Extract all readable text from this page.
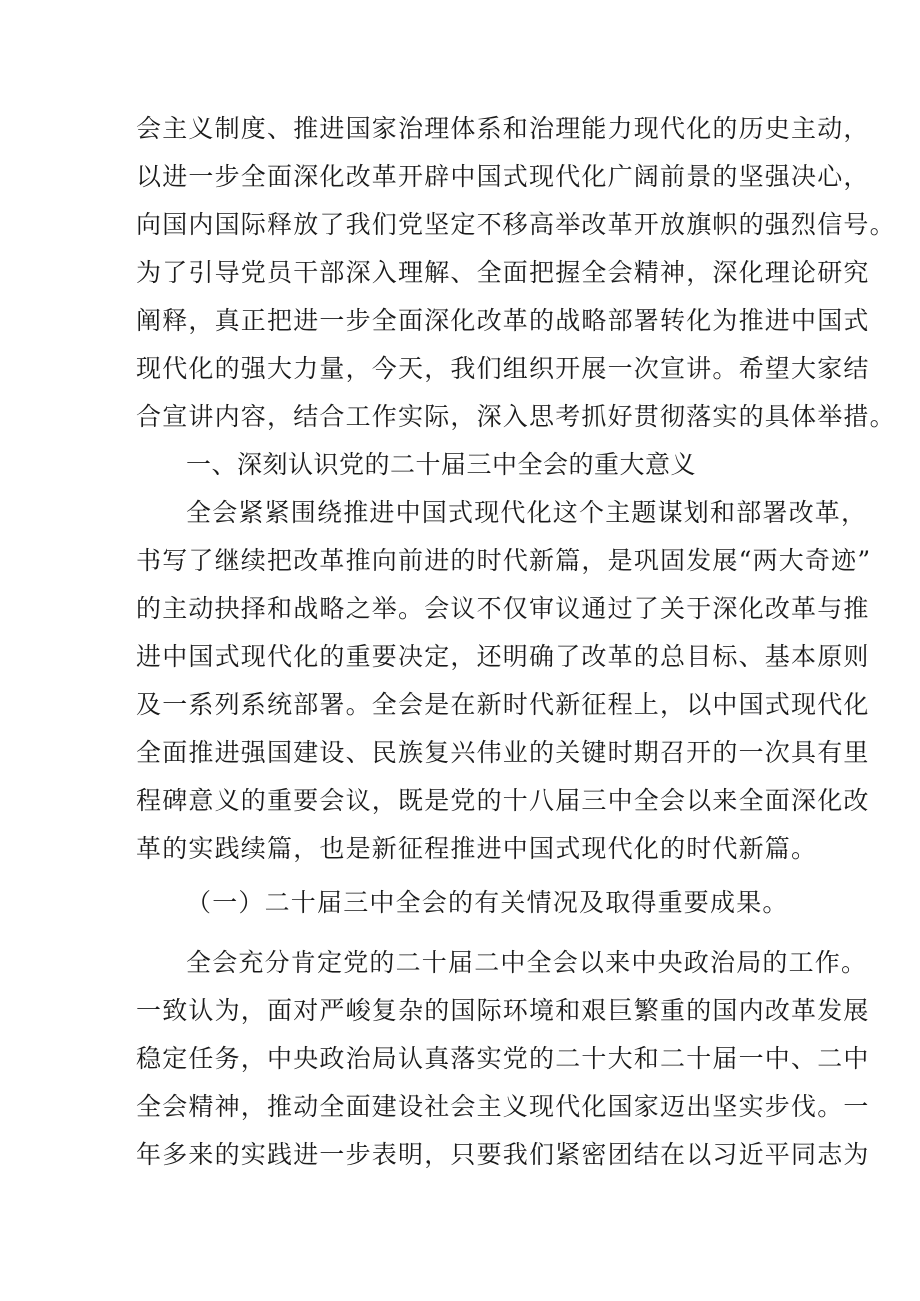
会主义制度、推进国家治理体系和治理能力现代化的历史主动，
以进一步全面深化改革开辟中国式现代化广阔前景的坚强决心，
向国内国际释放了我们党坚定不移高举改革开放旗帜的强烈信号。
为了引导党员干部深入理解、全面把握全会精神，深化理论研究
阐释，真正把进一步全面深化改革的战略部署转化为推进中国式
现代化的强大力量，今天，我们组织开展一次宣讲。希望大家结
合宣讲内容，结合工作实际，深入思考抓好贯彻落实的具体举措。
一、深刻认识党的二十届三中全会的重大意义
全会紧紧围绕推进中国式现代化这个主题谋划和部署改革，
书写了继续把改革推向前进的时代新篇，是巩固发展“两大奇迹”
的主动抉择和战略之举。会议不仅审议通过了关于深化改革与推
进中国式现代化的重要决定，还明确了改革的总目标、基本原则
及一系列系统部署。全会是在新时代新征程上，以中国式现代化
全面推进强国建设、民族复兴伟业的关键时期召开的一次具有里
程碑意义的重要会议，既是党的十八届三中全会以来全面深化改
革的实践续篇，也是新征程推进中国式现代化的时代新篇。
（一）二十届三中全会的有关情况及取得重要成果。
全会充分肯定党的二十届二中全会以来中央政治局的工作。
一致认为，面对严峻复杂的国际环境和艰巨繁重的国内改革发展
稳定任务，中央政治局认真落实党的二十大和二十届一中、二中
全会精神，推动全面建设社会主义现代化国家迈出坚实步伐。一
年多来的实践进一步表明，只要我们紧密团结在以习近平同志为
